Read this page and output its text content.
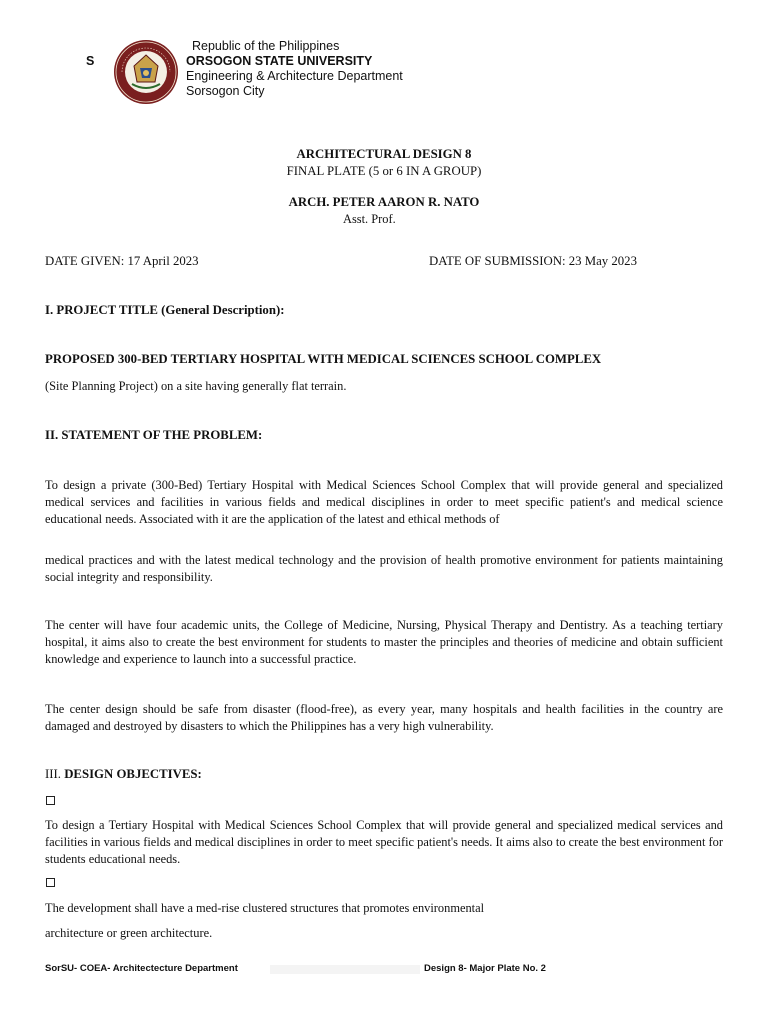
S
Republic of the Philippines
ORSOGON STATE UNIVERSITY
Engineering & Architecture Department
Sorsogon City
ARCHITECTURAL DESIGN 8
FINAL PLATE (5 or 6 IN A GROUP)
ARCH. PETER AARON R. NATO
Asst. Prof.
DATE GIVEN: 17 April 2023	DATE OF SUBMISSION: 23 May 2023
I. PROJECT TITLE (General Description):
PROPOSED 300-BED TERTIARY HOSPITAL WITH MEDICAL SCIENCES SCHOOL COMPLEX
(Site Planning Project) on a site having generally flat terrain.
II. STATEMENT OF THE PROBLEM:

To design a private (300-Bed) Tertiary Hospital with Medical Sciences School Complex that will provide general and specialized medical services and facilities in various fields and medical disciplines in order to meet specific patient's and medical science educational needs. Associated with it are the application of the latest and ethical methods of

medical practices and with the latest medical technology and the provision of health promotive environment for patients maintaining social integrity and responsibility.

The center will have four academic units, the College of Medicine, Nursing, Physical Therapy and Dentistry. As a teaching tertiary hospital, it aims also to create the best environment for students to master the principles and theories of medicine and obtain sufficient knowledge and experience to launch into a successful practice.

The center design should be safe from disaster (flood-free), as every year, many hospitals and health facilities in the country are damaged and destroyed by disasters to which the Philippines has a very high vulnerability.

III. DESIGN OBJECTIVES:

To design a Tertiary Hospital with Medical Sciences School Complex that will provide general and specialized medical services and facilities in various fields and medical disciplines in order to meet specific patient's needs. It aims also to create the best environment for students educational needs.

The development shall have a med-rise clustered structures that promotes environmental
architecture or green architecture.
SorSU- COEA- Architectecture Department	Design 8- Major Plate No. 2
